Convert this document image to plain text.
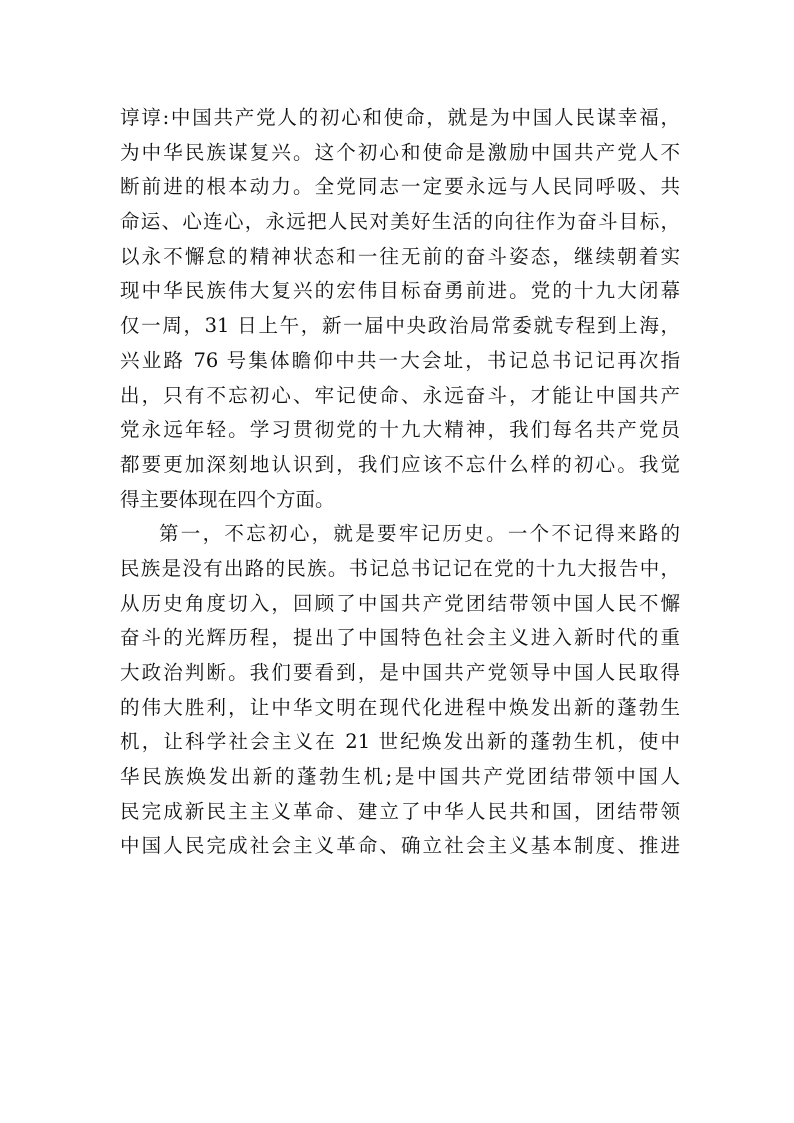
谆谆:中国共产党人的初心和使命，就是为中国人民谋幸福，
为中华民族谋复兴。这个初心和使命是激励中国共产党人不
断前进的根本动力。全党同志一定要永远与人民同呼吸、共
命运、心连心，永远把人民对美好生活的向往作为奋斗目标，
以永不懈怠的精神状态和一往无前的奋斗姿态，继续朝着实
现中华民族伟大复兴的宏伟目标奋勇前进。党的十九大闭幕
仅一周，31 日上午，新一届中央政治局常委就专程到上海，
兴业路 76 号集体瞻仰中共一大会址，书记总书记记再次指
出，只有不忘初心、牢记使命、永远奋斗，才能让中国共产
党永远年轻。学习贯彻党的十九大精神，我们每名共产党员
都要更加深刻地认识到，我们应该不忘什么样的初心。我觉
得主要体现在四个方面。
第一，不忘初心，就是要牢记历史。一个不记得来路的
民族是没有出路的民族。书记总书记记在党的十九大报告中，
从历史角度切入，回顾了中国共产党团结带领中国人民不懈
奋斗的光辉历程，提出了中国特色社会主义进入新时代的重
大政治判断。我们要看到，是中国共产党领导中国人民取得
的伟大胜利，让中华文明在现代化进程中焕发出新的蓬勃生
机，让科学社会主义在 21 世纪焕发出新的蓬勃生机，使中
华民族焕发出新的蓬勃生机;是中国共产党团结带领中国人
民完成新民主主义革命、建立了中华人民共和国，团结带领
中国人民完成社会主义革命、确立社会主义基本制度、推进
